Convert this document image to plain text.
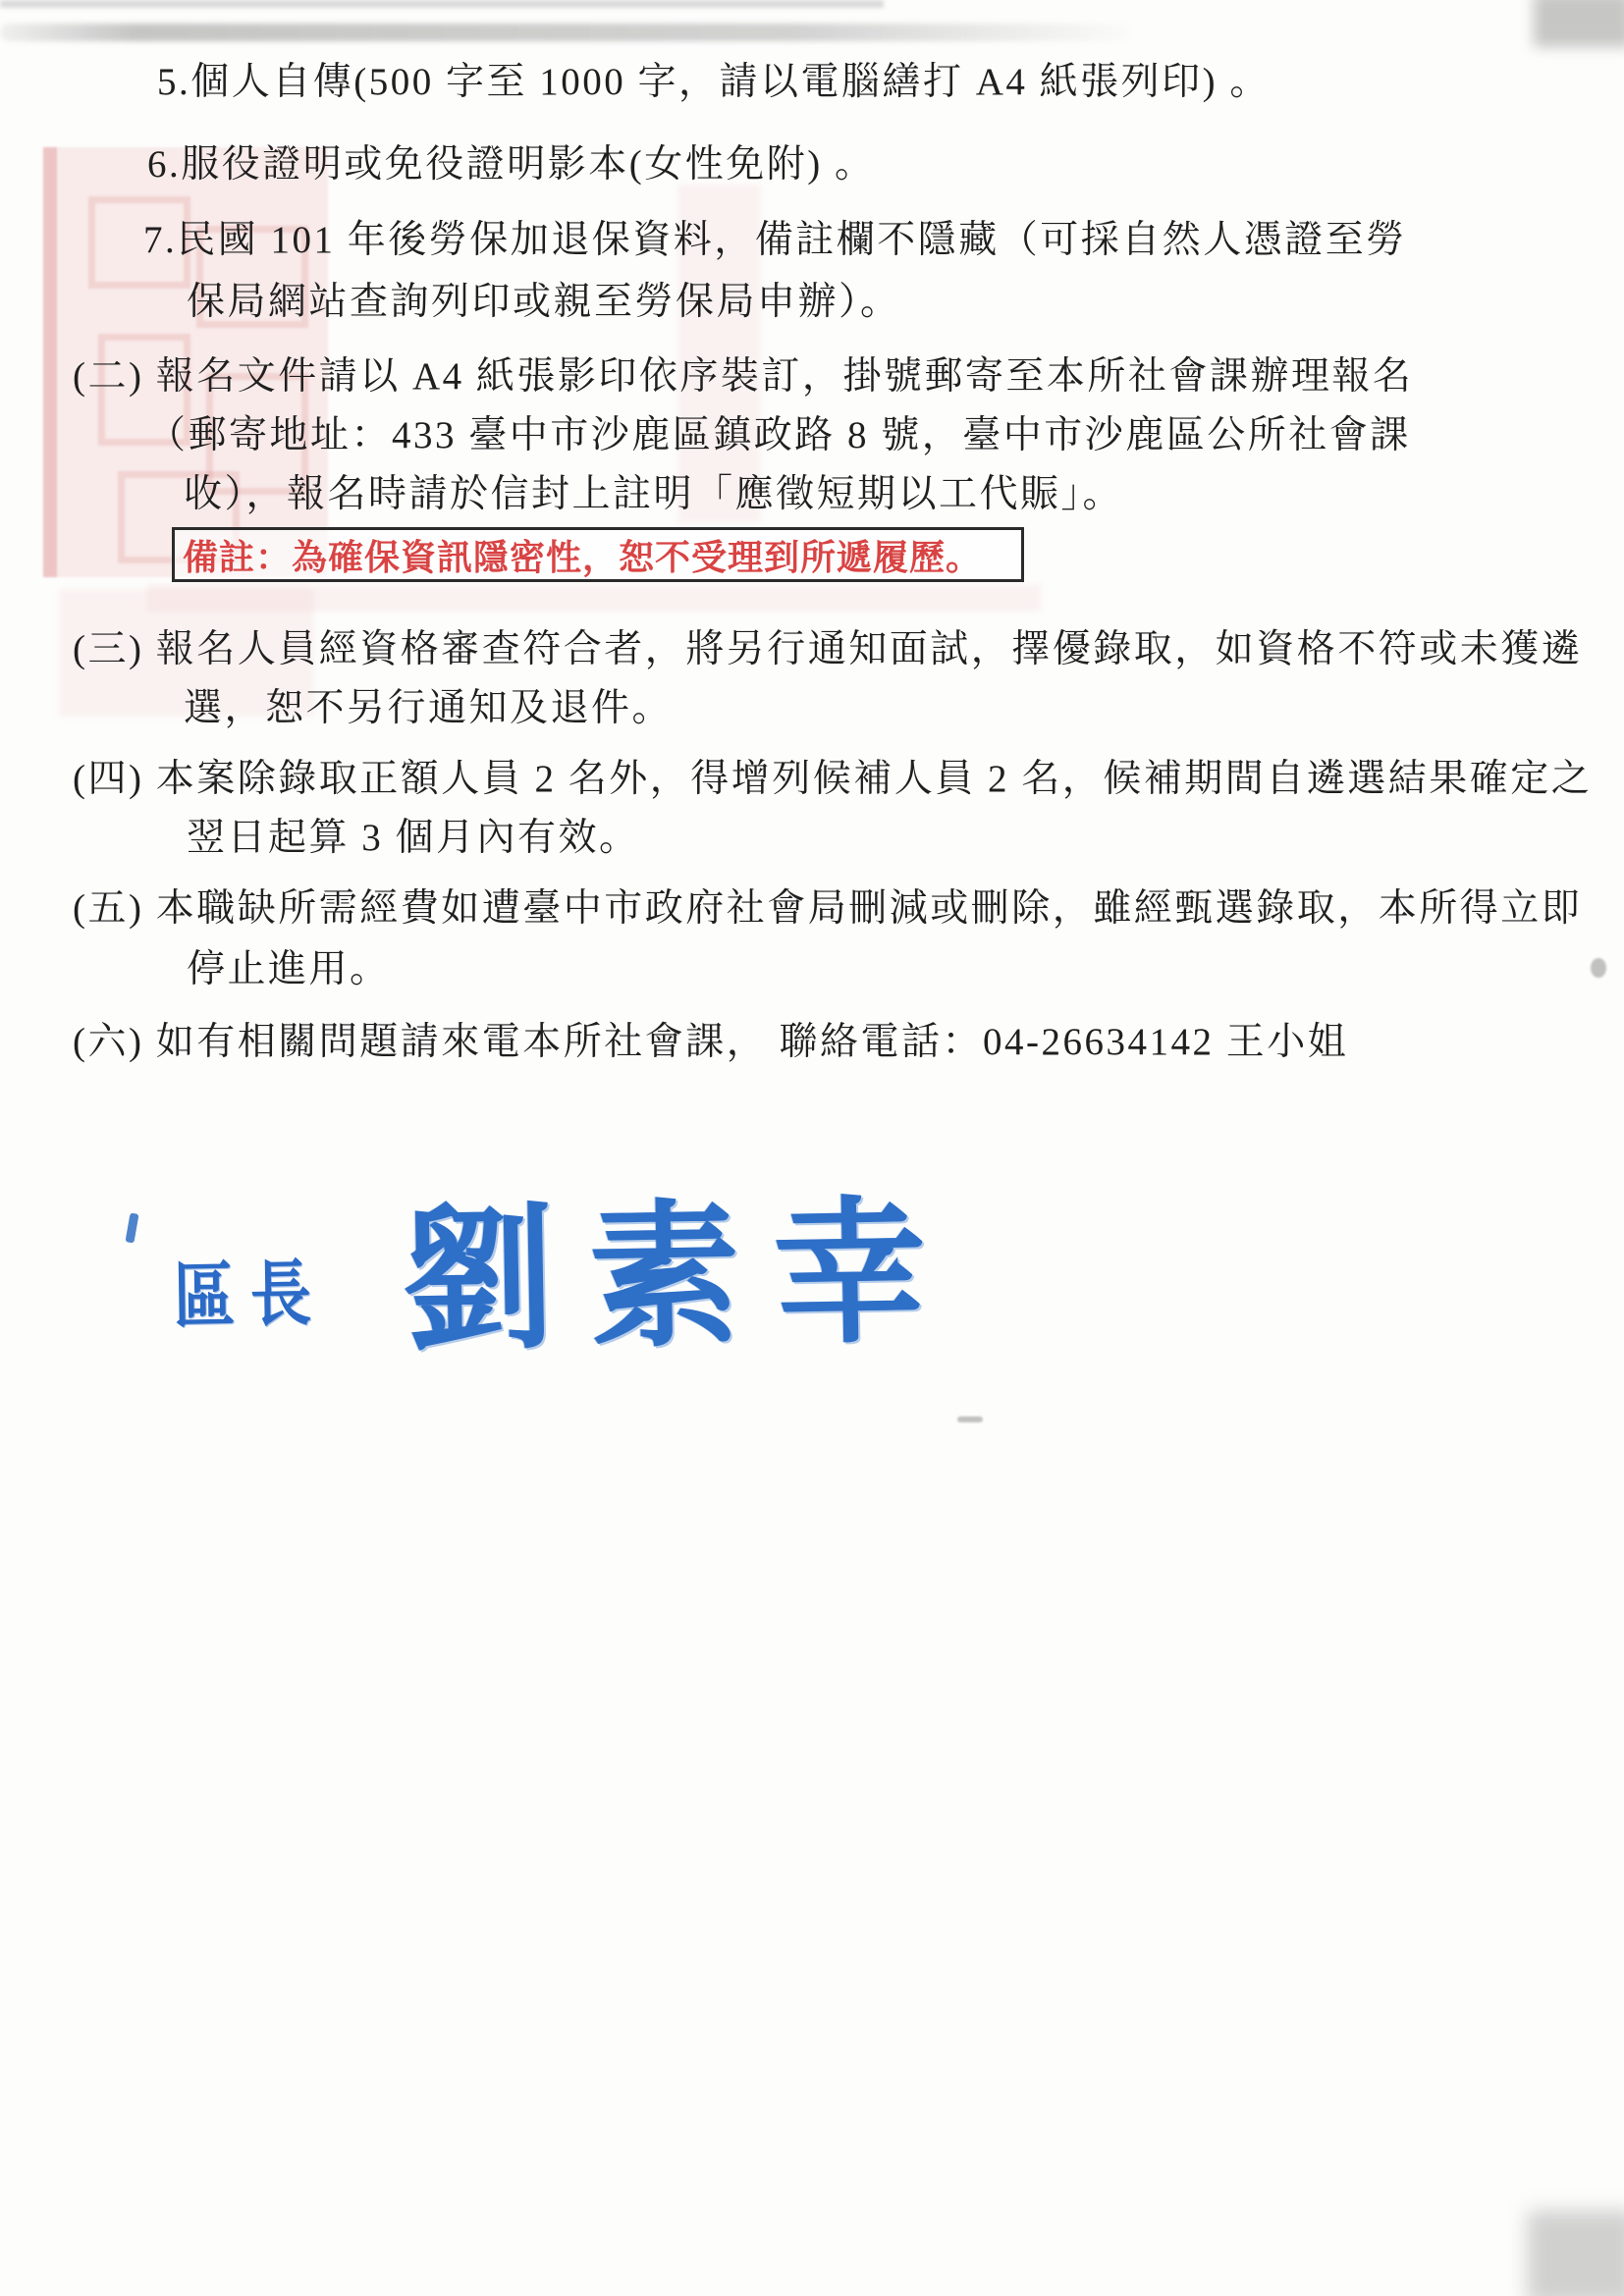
5.個人自傳(500 字至 1000 字，請以電腦繕打 A4 紙張列印) 。
6.服役證明或免役證明影本(女性免附) 。
7.民國 101 年後勞保加退保資料，備註欄不隱藏（可採自然人憑證至勞
保局網站查詢列印或親至勞保局申辦）。
(二) 報名文件請以 A4 紙張影印依序裝訂，掛號郵寄至本所社會課辦理報名
（郵寄地址：433 臺中市沙鹿區鎮政路 8 號，臺中市沙鹿區公所社會課
收），報名時請於信封上註明「應徵短期以工代賑」。
備註：為確保資訊隱密性，恕不受理到所遞履歷。
(三) 報名人員經資格審查符合者，將另行通知面試，擇優錄取，如資格不符或未獲遴
選，恕不另行通知及退件。
(四) 本案除錄取正額人員 2 名外，得增列候補人員 2 名，候補期間自遴選結果確定之
翌日起算 3 個月內有效。
(五) 本職缺所需經費如遭臺中市政府社會局刪減或刪除，雖經甄選錄取，本所得立即
停止進用。
(六) 如有相關問題請來電本所社會課， 聯絡電話：04-26634142 王小姐
區長 劉素幸
